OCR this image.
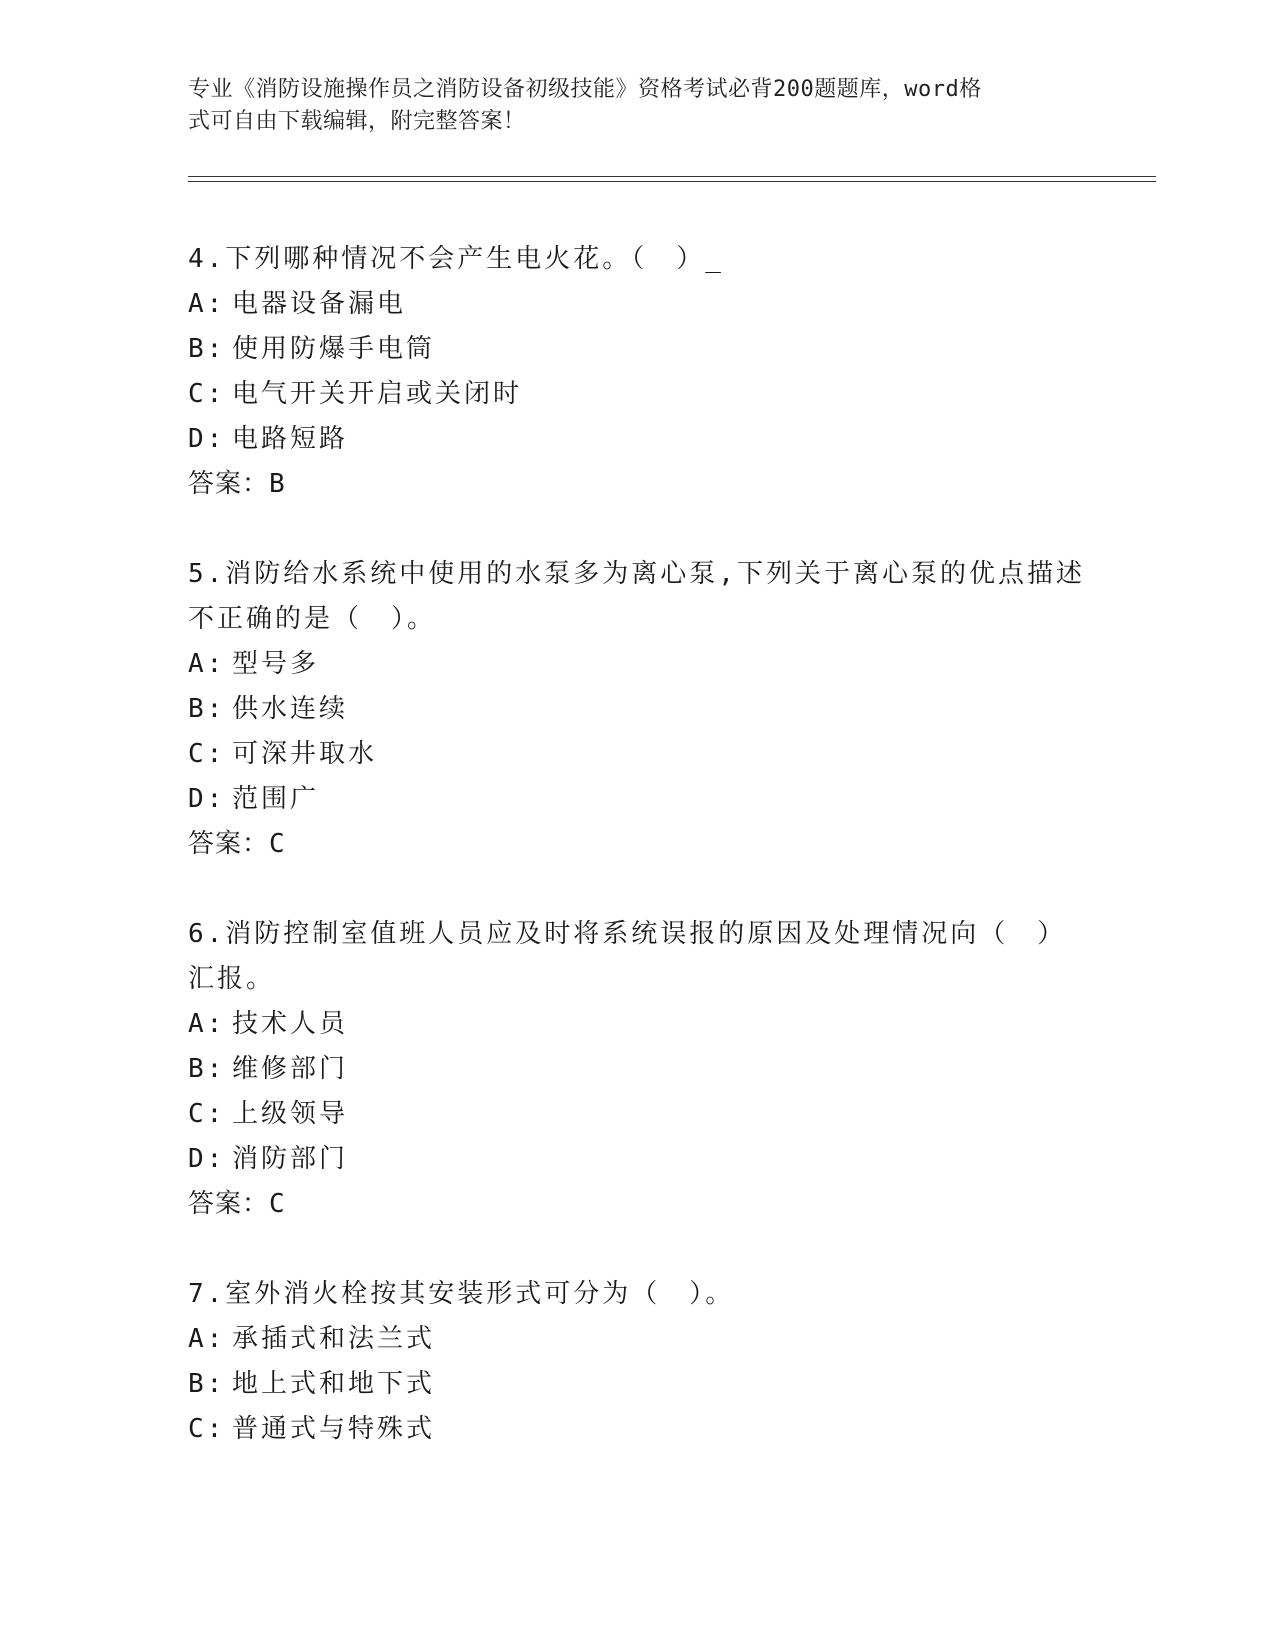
专业《消防设施操作员之消防设备初级技能》资格考试必背200题题库，word格
式可自由下载编辑，附完整答案！

4.下列哪种情况不会产生电火花。（　）_

A: 电器设备漏电

B: 使用防爆手电筒

C: 电气开关开启或关闭时

D: 电路短路

答案：B

5.消防给水系统中使用的水泵多为离心泵,下列关于离心泵的优点描述

不正确的是（　）。

A: 型号多

B: 供水连续

C: 可深井取水

D: 范围广

答案：C

6.消防控制室值班人员应及时将系统误报的原因及处理情况向（　）

汇报。

A: 技术人员

B: 维修部门

C: 上级领导

D: 消防部门

答案：C

7.室外消火栓按其安装形式可分为（　）。

A: 承插式和法兰式

B: 地上式和地下式

C: 普通式与特殊式
